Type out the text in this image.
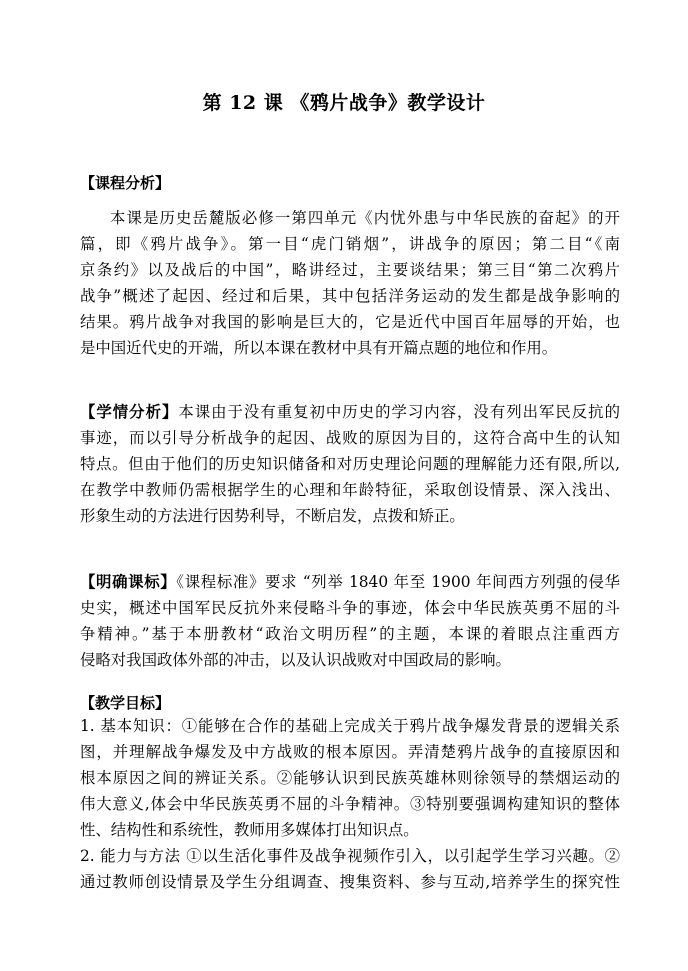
第 12 课 《鸦片战争》教学设计
【课程分析】
本课是历史岳麓版必修一第四单元《内忧外患与中华民族的奋起》的开
篇，即《鸦片战争》。第一目“虎门销烟”，讲战争的原因；第二目“《南
京条约》以及战后的中国”，略讲经过，主要谈结果；第三目“第二次鸦片
战争”概述了起因、经过和后果，其中包括洋务运动的发生都是战争影响的
结果。鸦片战争对我国的影响是巨大的，它是近代中国百年屈辱的开始，也
是中国近代史的开端，所以本课在教材中具有开篇点题的地位和作用。
【学情分析】本课由于没有重复初中历史的学习内容，没有列出军民反抗的
事迹，而以引导分析战争的起因、战败的原因为目的，这符合高中生的认知
特点。但由于他们的历史知识储备和对历史理论问题的理解能力还有限,所以,
在教学中教师仍需根据学生的心理和年龄特征，采取创设情景、深入浅出、
形象生动的方法进行因势利导，不断启发，点拨和矫正。
【明确课标】《课程标准》要求 “列举 1840 年至 1900 年间西方列强的侵华
史实，概述中国军民反抗外来侵略斗争的事迹，体会中华民族英勇不屈的斗
争精神。”基于本册教材“政治文明历程”的主题，本课的着眼点注重西方
侵略对我国政体外部的冲击，以及认识战败对中国政局的影响。
【教学目标】
1. 基本知识：①能够在合作的基础上完成关于鸦片战争爆发背景的逻辑关系
图，并理解战争爆发及中方战败的根本原因。弄清楚鸦片战争的直接原因和
根本原因之间的辨证关系。②能够认识到民族英雄林则徐领导的禁烟运动的
伟大意义,体会中华民族英勇不屈的斗争精神。③特别要强调构建知识的整体
性、结构性和系统性，教师用多媒体打出知识点。
2. 能力与方法 ①以生活化事件及战争视频作引入，以引起学生学习兴趣。②
通过教师创设情景及学生分组调查、搜集资料、参与互动,培养学生的探究性
